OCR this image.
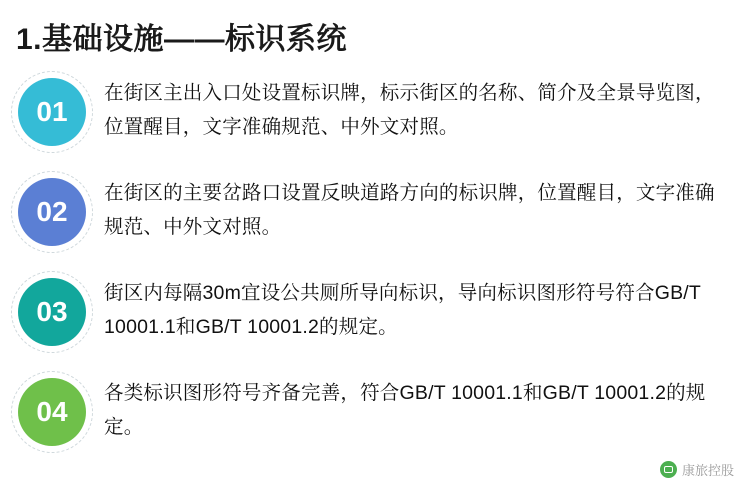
1.基础设施——标识系统
01
在街区主出入口处设置标识牌，标示街区的名称、简介及全景导览图，位置醒目，文字准确规范、中外文对照。
02
在街区的主要岔路口设置反映道路方向的标识牌，位置醒目，文字准确规范、中外文对照。
03
街区内每隔30m宜设公共厕所导向标识，导向标识图形符号符合GB/T 10001.1和GB/T 10001.2的规定。
04
各类标识图形符号齐备完善，符合GB/T 10001.1和GB/T 10001.2的规定。
康旅控股
